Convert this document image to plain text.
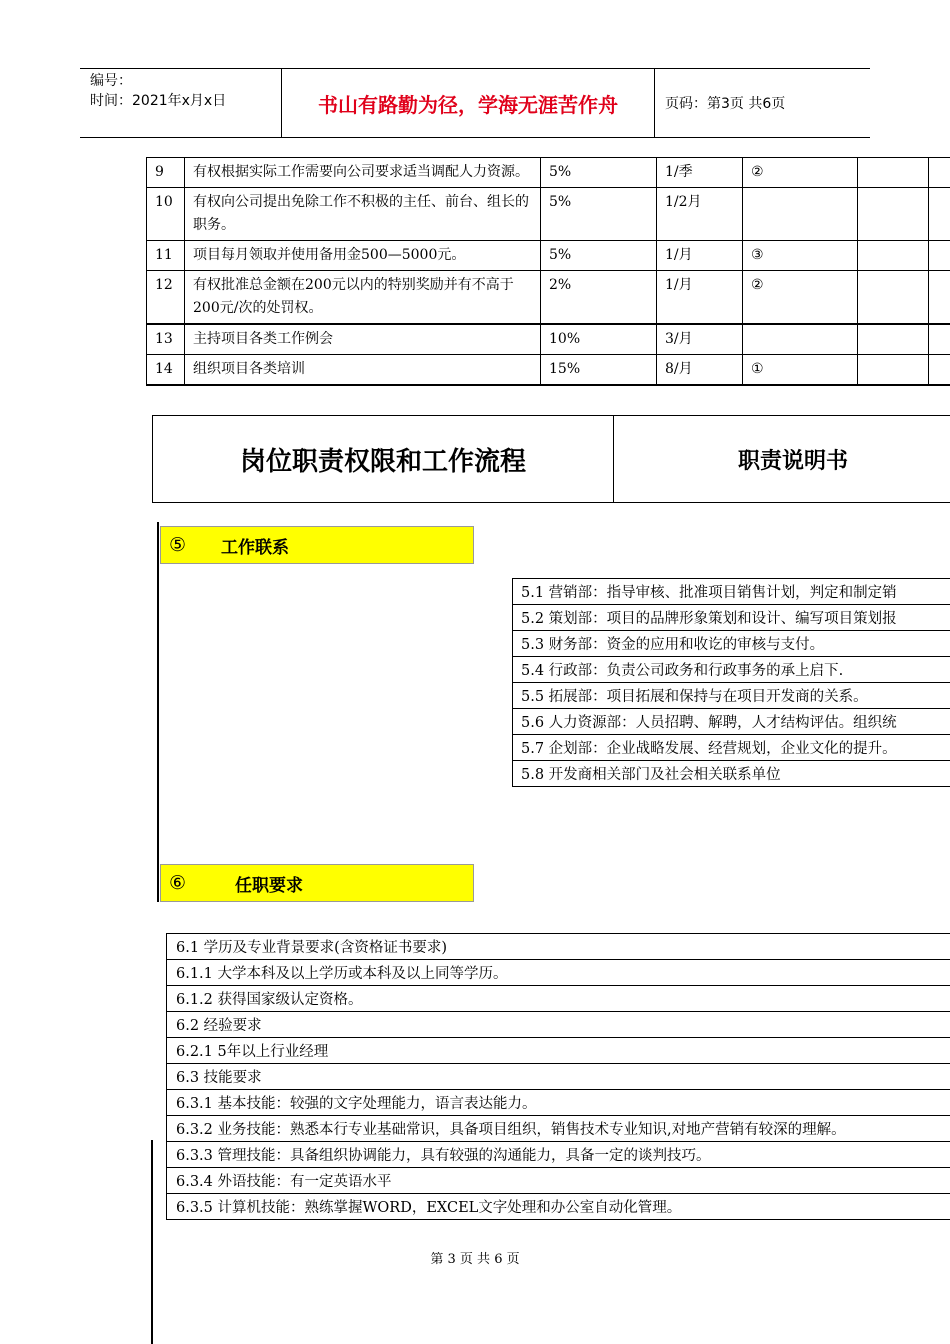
编号：
时间：2021年x月x日	书山有路勤为径，学海无涯苦作舟	页码：第3页 共6页
9	有权根据实际工作需要向公司要求适当调配人力资源。	5%	1/季	②		
10	有权向公司提出免除工作不积极的主任、前台、组长的职务。	5%	1/2月			
11	项目每月领取并使用备用金500—5000元。	5%	1/月	③		
12	有权批准总金额在200元以内的特别奖励并有不高于200元/次的处罚权。	2%	1/月	②		
13	主持项目各类工作例会	10%	3/月			
14	组织项目各类培训	15%	8/月	①		
岗位职责权限和工作流程	职责说明书
⑤	工作联系
5.1 营销部：指导审核、批准项目销售计划，判定和制定销
5.2 策划部：项目的品牌形象策划和设计、编写项目策划报
5.3 财务部：资金的应用和收讫的审核与支付。
5.4 行政部：负责公司政务和行政事务的承上启下.
5.5 拓展部：项目拓展和保持与在项目开发商的关系。
5.6 人力资源部：人员招聘、解聘，人才结构评估。组织统
5.7 企划部：企业战略发展、经营规划，企业文化的提升。
5.8 开发商相关部门及社会相关联系单位
⑥	任职要求
6.1 学历及专业背景要求(含资格证书要求)
6.1.1 大学本科及以上学历或本科及以上同等学历。
6.1.2 获得国家级认定资格。
6.2 经验要求
6.2.1 5年以上行业经理
6.3 技能要求
6.3.1 基本技能：较强的文字处理能力，语言表达能力。
6.3.2 业务技能：熟悉本行专业基础常识，具备项目组织，销售技术专业知识,对地产营销有较深的理解。
6.3.3 管理技能：具备组织协调能力，具有较强的沟通能力，具备一定的谈判技巧。
6.3.4 外语技能：有一定英语水平
6.3.5 计算机技能：熟练掌握WORD，EXCEL文字处理和办公室自动化管理。
第 3 页 共 6 页
